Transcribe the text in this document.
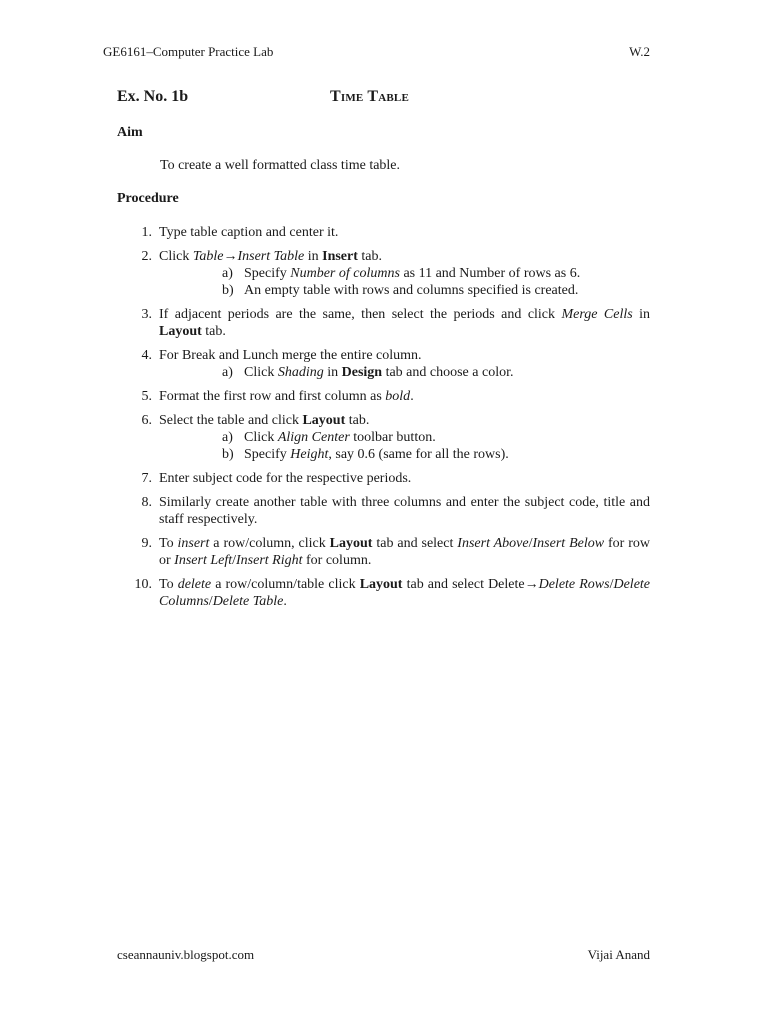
GE6161–Computer Practice Lab	W.2
Ex. No. 1b	Time Table
Aim
To create a well formatted class time table.
Procedure
1. Type table caption and center it.
2. Click Table→Insert Table in Insert tab.
a) Specify Number of columns as 11 and Number of rows as 6.
b) An empty table with rows and columns specified is created.
3. If adjacent periods are the same, then select the periods and click Merge Cells in Layout tab.
4. For Break and Lunch merge the entire column.
a) Click Shading in Design tab and choose a color.
5. Format the first row and first column as bold.
6. Select the table and click Layout tab.
a) Click Align Center toolbar button.
b) Specify Height, say 0.6 (same for all the rows).
7. Enter subject code for the respective periods.
8. Similarly create another table with three columns and enter the subject code, title and staff respectively.
9. To insert a row/column, click Layout tab and select Insert Above/Insert Below for row or Insert Left/Insert Right for column.
10. To delete a row/column/table click Layout tab and select Delete→Delete Rows/Delete Columns/Delete Table.
cseannauniv.blogspot.com	Vijai Anand
